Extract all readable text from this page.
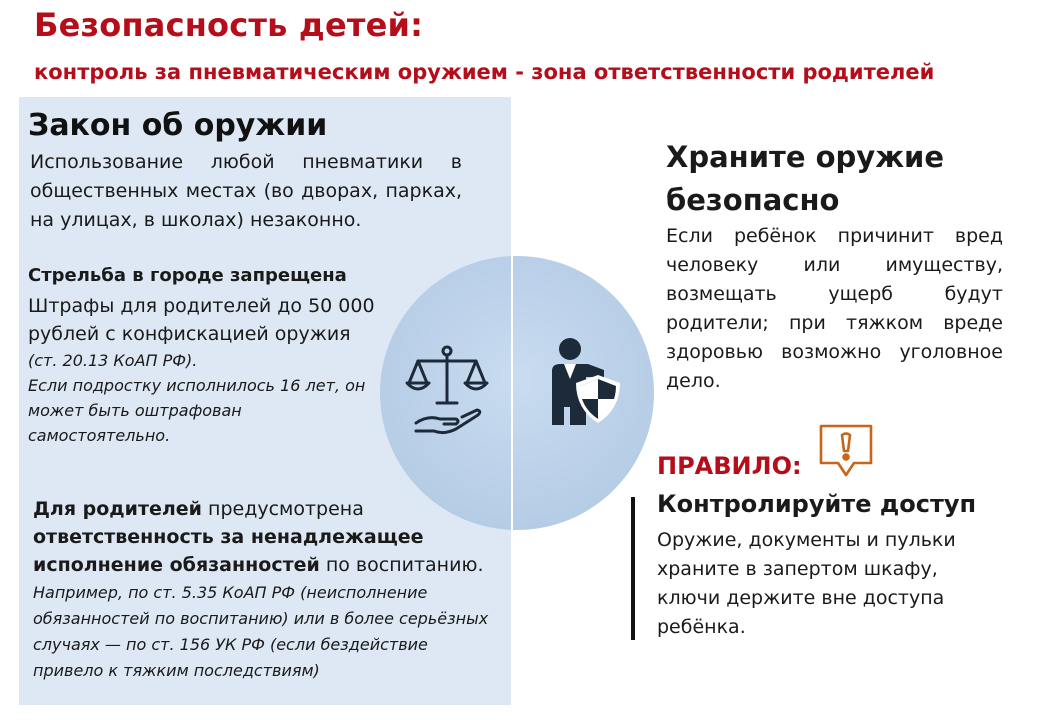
Безопасность детей:
контроль за пневматическим оружием - зона ответственности родителей
Закон об оружии
Использование любой пневматики в общественных местах (во дворах, парках, на улицах, в школах) незаконно.
Стрельба в городе запрещена
Штрафы для родителей до 50 000 рублей с конфискацией оружия
(ст. 20.13 КоАП РФ).
Если подростку исполнилось 16 лет, он может быть оштрафован самостоятельно.
Для родителей предусмотрена ответственность за ненадлежащее исполнение обязанностей по воспитанию.
Например, по ст. 5.35 КоАП РФ (неисполнение обязанностей по воспитанию) или в более серьёзных случаях — по ст. 156 УК РФ (если бездействие привело к тяжким последствиям)
Храните оружие
безопасно
Если ребёнок причинит вред человеку или имуществу, возмещать ущерб будут родители; при тяжком вреде здоровью возможно уголовное дело.
ПРАВИЛО:
Контролируйте доступ
Оружие, документы и пульки храните в запертом шкафу, ключи держите вне доступа ребёнка.
